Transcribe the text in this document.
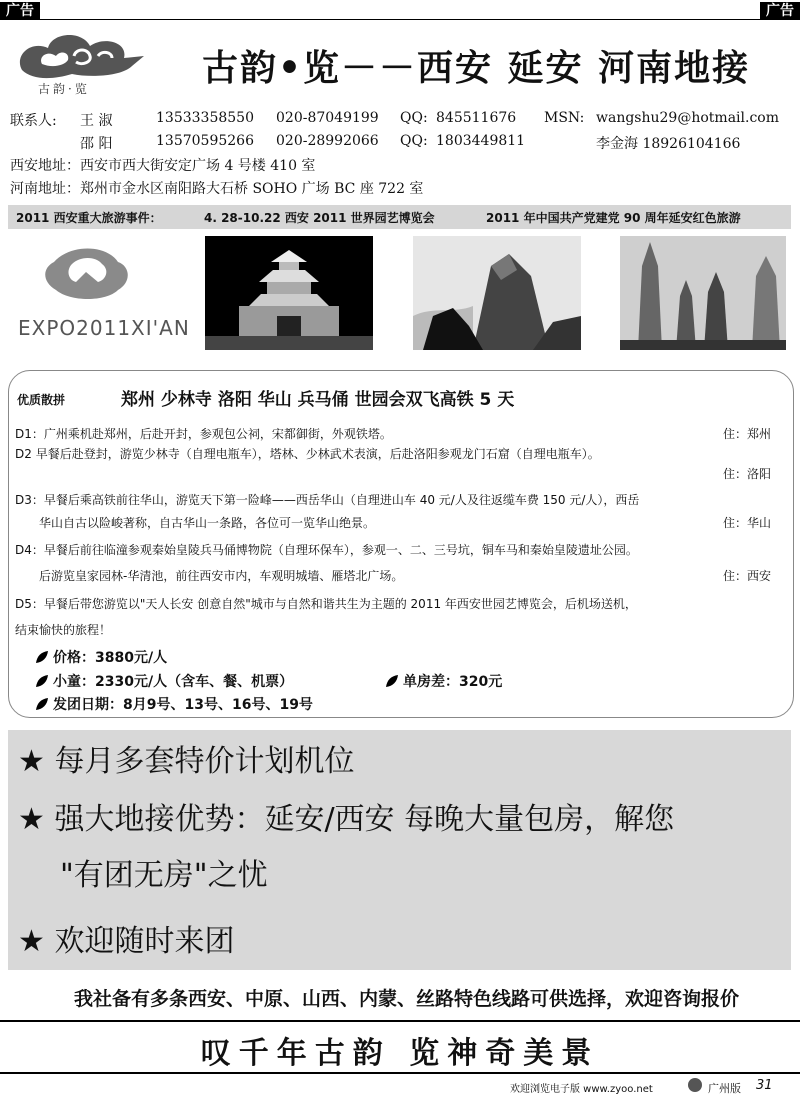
广告	广告
古韵·览	古韵•览－－西安 延安 河南地接
联系人: 王 淑	13533358550 020-87049199 QQ: 845511676 MSN: wangshu29@hotmail.com
邵 阳	13570595266 020-28992066 QQ: 1803449811	李金海 18926104166
西安地址：西安市西大街安定广场 4 号楼 410 室
河南地址：郑州市金水区南阳路大石桥 SOHO 广场 BC 座 722 室
2011 西安重大旅游事件：	4. 28-10.22 西安 2011 世界园艺博览会	2011 年中国共产党建党 90 周年延安红色旅游
EXPO2011XI'AN
优质散拼	郑州 少林寺 洛阳 华山 兵马俑 世园会双飞高铁 5 天
D1：广州乘机赴郑州，后赴开封，参观包公祠，宋都御街，外观铁塔。	住：郑州
D2 早餐后赴登封，游览少林寺（自理电瓶车），塔林、少林武术表演，后赴洛阳参观龙门石窟（自理电瓶车）。
住：洛阳
D3：早餐后乘高铁前往华山，游览天下第一险峰——西岳华山（自理进山车 40 元/人及往返缆车费 150 元/人），西岳
华山自古以险峻著称，自古华山一条路，各位可一览华山绝景。	住：华山
D4：早餐后前往临潼参观秦始皇陵兵马俑博物院（自理环保车），参观一、二、三号坑，铜车马和秦始皇陵遗址公园。
后游览皇家园林-华清池，前往西安市内，车观明城墙、雁塔北广场。	住：西安
D5：早餐后带您游览以"天人长安 创意自然"城市与自然和谐共生为主题的 2011 年西安世园艺博览会，后机场送机，
结束愉快的旅程！
价格：3880元/人
小童：2330元/人（含车、餐、机票）	单房差：320元
发团日期：8月9号、13号、16号、19号
★ 每月多套特价计划机位
★ 强大地接优势：延安/西安 每晚大量包房，解您
"有团无房"之忧
★ 欢迎随时来团
我社备有多条西安、中原、山西、内蒙、丝路特色线路可供选择，欢迎咨询报价
叹千年古韵 览神奇美景
欢迎浏览电子版 www.zyoo.net	广州版 31
